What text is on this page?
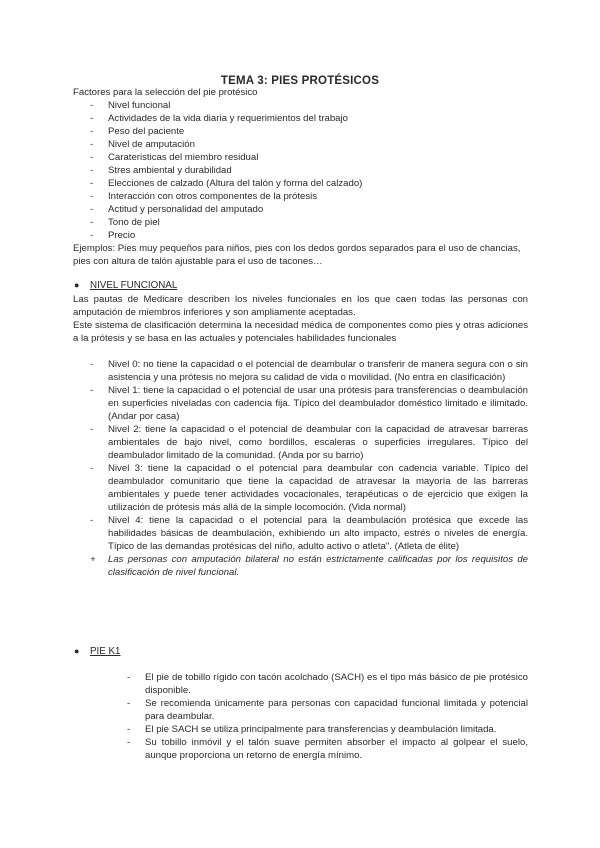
TEMA 3: PIES PROTÉSICOS
Factores para la selección del pie protésico
- Nivel funcional
- Actividades de la vida diaria y requerimientos del trabajo
- Peso del paciente
- Nivel de amputación
- Carateristicas del miembro residual
- Stres ambiental y durabilidad
- Elecciones de calzado (Altura del talón y forma del calzado)
- Interacción con otros componentes de la prótesis
- Actitud y personalidad del amputado
- Tono de piel
- Precio
Ejemplos: Pies muy pequeños para niños, pies con los dedos gordos separados para el uso de chancias, pies con altura de talón ajustable para el uso de tacones…
● NIVEL FUNCIONAL
Las pautas de Medicare describen los niveles funcionales en los que caen todas las personas con amputación de miembros inferiores y son ampliamente aceptadas.
Este sistema de clasificación determina la necesidad médica de componentes como pies y otras adiciones a la prótesis y se basa en las actuales y potenciales habilidades funcionales
- Nivel 0: no tiene la capacidad o el potencial de deambular o transferir de manera segura con o sin asistencia y una prótesis no mejora su calidad de vida o movilidad. (No entra en clasificación)
- Nivel 1: tiene la capacidad o el potencial de usar una prótesis para transferencias o deambulación en superficies niveladas con cadencia fija. Típico del deambulador doméstico limitado e ilimitado. (Andar por casa)
- Nivel 2: tiene la capacidad o el potencial de deambular con la capacidad de atravesar barreras ambientales de bajo nivel, como bordillos, escaleras o superficies irregulares. Típico del deambulador limitado de la comunidad. (Anda por su barrio)
- Nivel 3: tiene la capacidad o el potencial para deambular con cadencia variable. Típico del deambulador comunitario que tiene la capacidad de atravesar la mayoría de las barreras ambientales y puede tener actividades vocacionales, terapéuticas o de ejercicio que exigen la utilización de prótesis más allá de la simple locomoción. (Vida normal)
- Nivel 4: tiene la capacidad o el potencial para la deambulación protésica que excede las habilidades básicas de deambulación, exhibiendo un alto impacto, estrés o niveles de energía. Típico de las demandas protésicas del niño, adulto activo o atleta". (Atleta de élite)
+ Las personas con amputación bilateral no están estrictamente calificadas por los requisitos de clasificación de nivel funcional.
● PIE K1
- El pie de tobillo rígido con tacón acolchado (SACH) es el tipo más básico de pie protésico disponible.
- Se recomienda únicamente para personas con capacidad funcional limitada y potencial para deambular.
- El pie SACH se utiliza principalmente para transferencias y deambulación limitada.
- Su tobillo inmóvil y el talón suave permiten absorber el impacto al golpear el suelo, aunque proporciona un retorno de energía mínimo.
